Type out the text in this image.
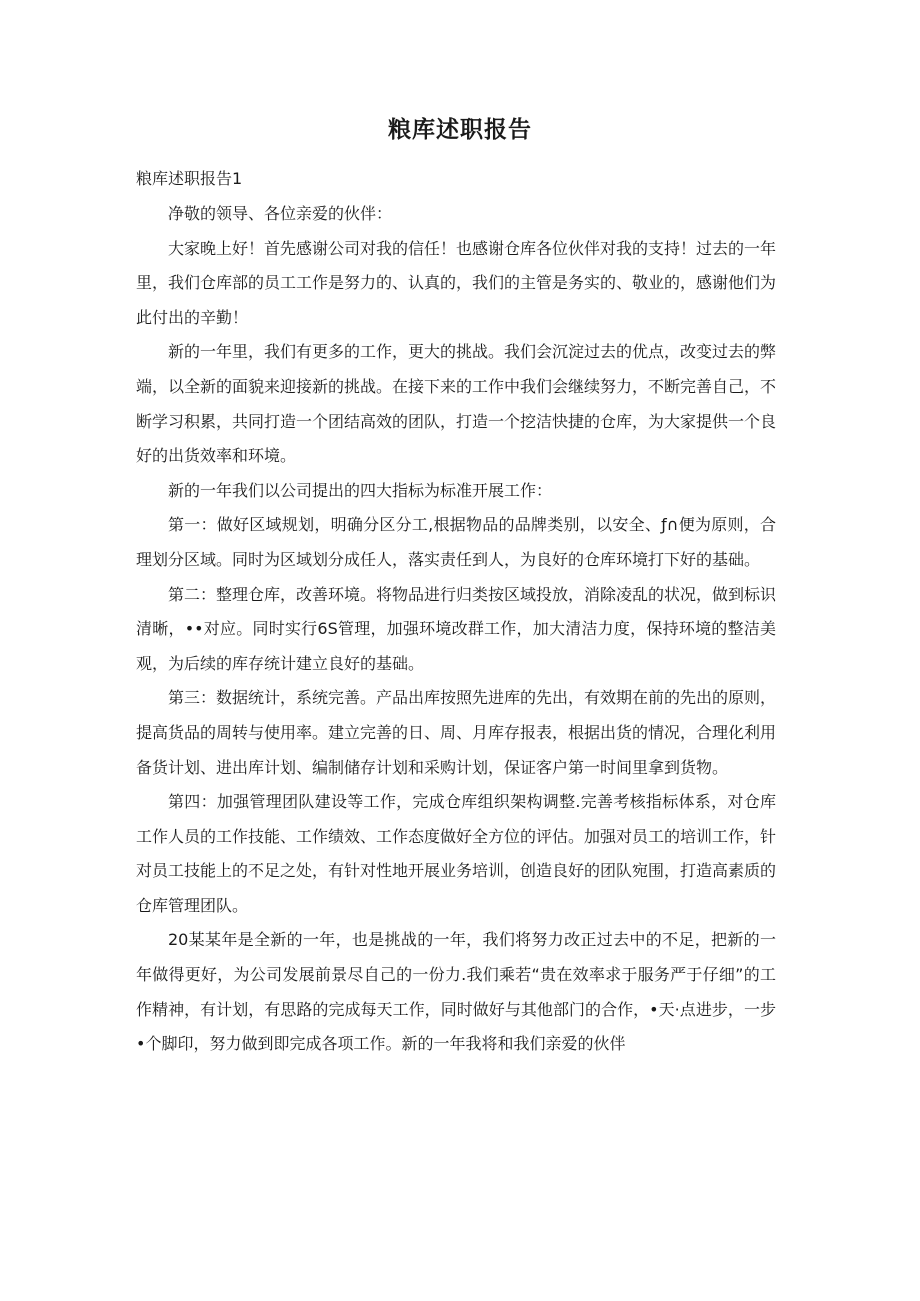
粮库述职报告
粮库述职报告1

净敬的领导、各位亲爱的伙伴：

大家晚上好！首先感谢公司对我的信任！也感谢仓库各位伙伴对我的支持！过去的一年里，我们仓库部的员工工作是努力的、认真的，我们的主管是务实的、敬业的，感谢他们为此付出的辛勤！

新的一年里，我们有更多的工作，更大的挑战。我们会沉淀过去的优点，改变过去的弊端，以全新的面貌来迎接新的挑战。在接下来的工作中我们会继续努力，不断完善自己，不断学习积累，共同打造一个团结高效的团队，打造一个挖洁快捷的仓库，为大家提供一个良好的出货效率和环境。

新的一年我们以公司提出的四大指标为标准开展工作：

第一：做好区域规划，明确分区分工,根据物品的品牌类别，以安全、ƒ∩便为原则，合理划分区域。同时为区域划分成任人，落实责任到人，为良好的仓库环境打下好的基础。

第二：整理仓库，改善环境。将物品进行归类按区域投放，消除凌乱的状况，做到标识清晰，••对应。同时实行6S管理，加强环境改群工作，加大清洁力度，保持环境的整洁美观，为后续的库存统计建立良好的基础。

第三：数据统计，系统完善。产品出库按照先进库的先出，有效期在前的先出的原则，提高货品的周转与使用率。建立完善的日、周、月库存报表，根据出货的情况，合理化利用备货计划、进出库计划、编制储存计划和采购计划，保证客户第一时间里拿到货物。

第四：加强管理团队建设等工作，完成仓库组织架构调整.完善考核指标体系，对仓库工作人员的工作技能、工作绩效、工作态度做好全方位的评估。加强对员工的培训工作，针对员工技能上的不足之处，有针对性地开展业务培训，创造良好的团队宛围，打造高素质的仓库管理团队。

20某某年是全新的一年，也是挑战的一年，我们将努力改正过去中的不足，把新的一年做得更好，为公司发展前景尽自己的一份力.我们乘若“贵在效率求于服务严于仔细”的工作精神，有计划，有思路的完成每天工作，同时做好与其他部门的合作，•天·点进步，一步•个脚印，努力做到即完成各项工作。新的一年我将和我们亲爱的伙伴
